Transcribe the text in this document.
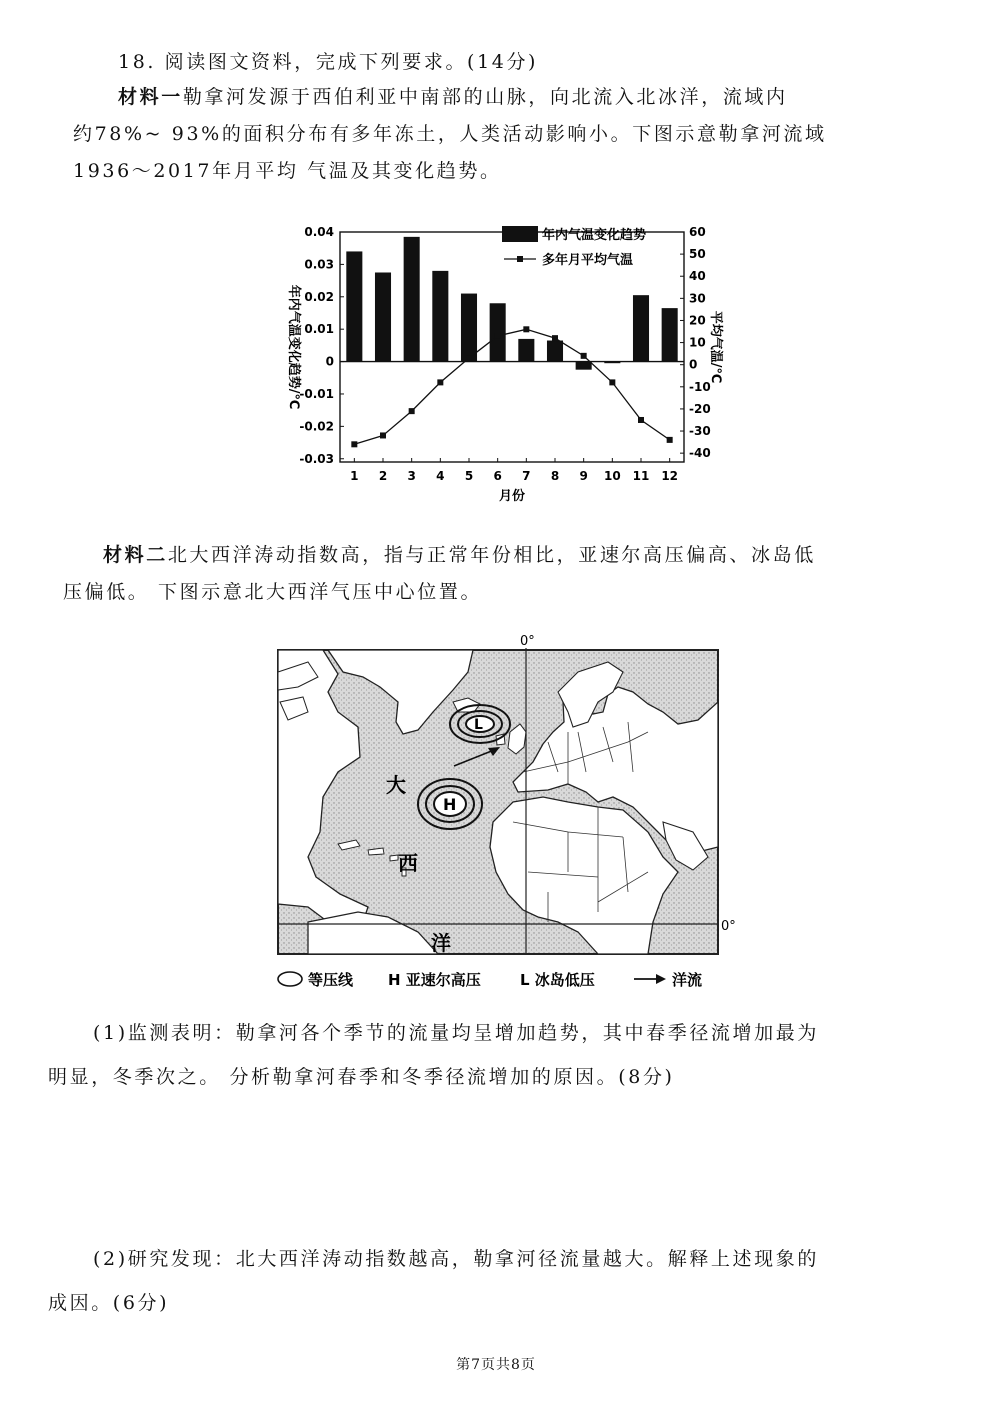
18. 阅读图文资料，完成下列要求。(14分)
材料一勒拿河发源于西伯利亚中南部的山脉，向北流入北冰洋，流域内
约78%~ 93%的面积分布有多年冻土，人类活动影响小。下图示意勒拿河流域
1936～2017年月平均 气温及其变化趋势。
0.04
0.03
0.02
0.01
0
-0.01
-0.02
-0.03
60
50
40
30
20
10
0
-10
-20
-30
-40
1 2 3 4 5 6 7 8 9 10 11 12
月份
年内气温变化趋势/℃	平均气温/℃
年内气温变化趋势
多年月平均气温
材料二北大西洋涛动指数高，指与正常年份相比，亚速尔高压偏高、冰岛低
压偏低。 下图示意北大西洋气压中心位置。
0°
0°
L
H
大
西
洋
等压线 H 亚速尔高压	L 冰岛低压	洋流
(1)监测表明：勒拿河各个季节的流量均呈增加趋势，其中春季径流增加最为
明显，冬季次之。 分析勒拿河春季和冬季径流增加的原因。(8分)
(2)研究发现：北大西洋涛动指数越高，勒拿河径流量越大。解释上述现象的
成因。(6分)
第7页共8页
